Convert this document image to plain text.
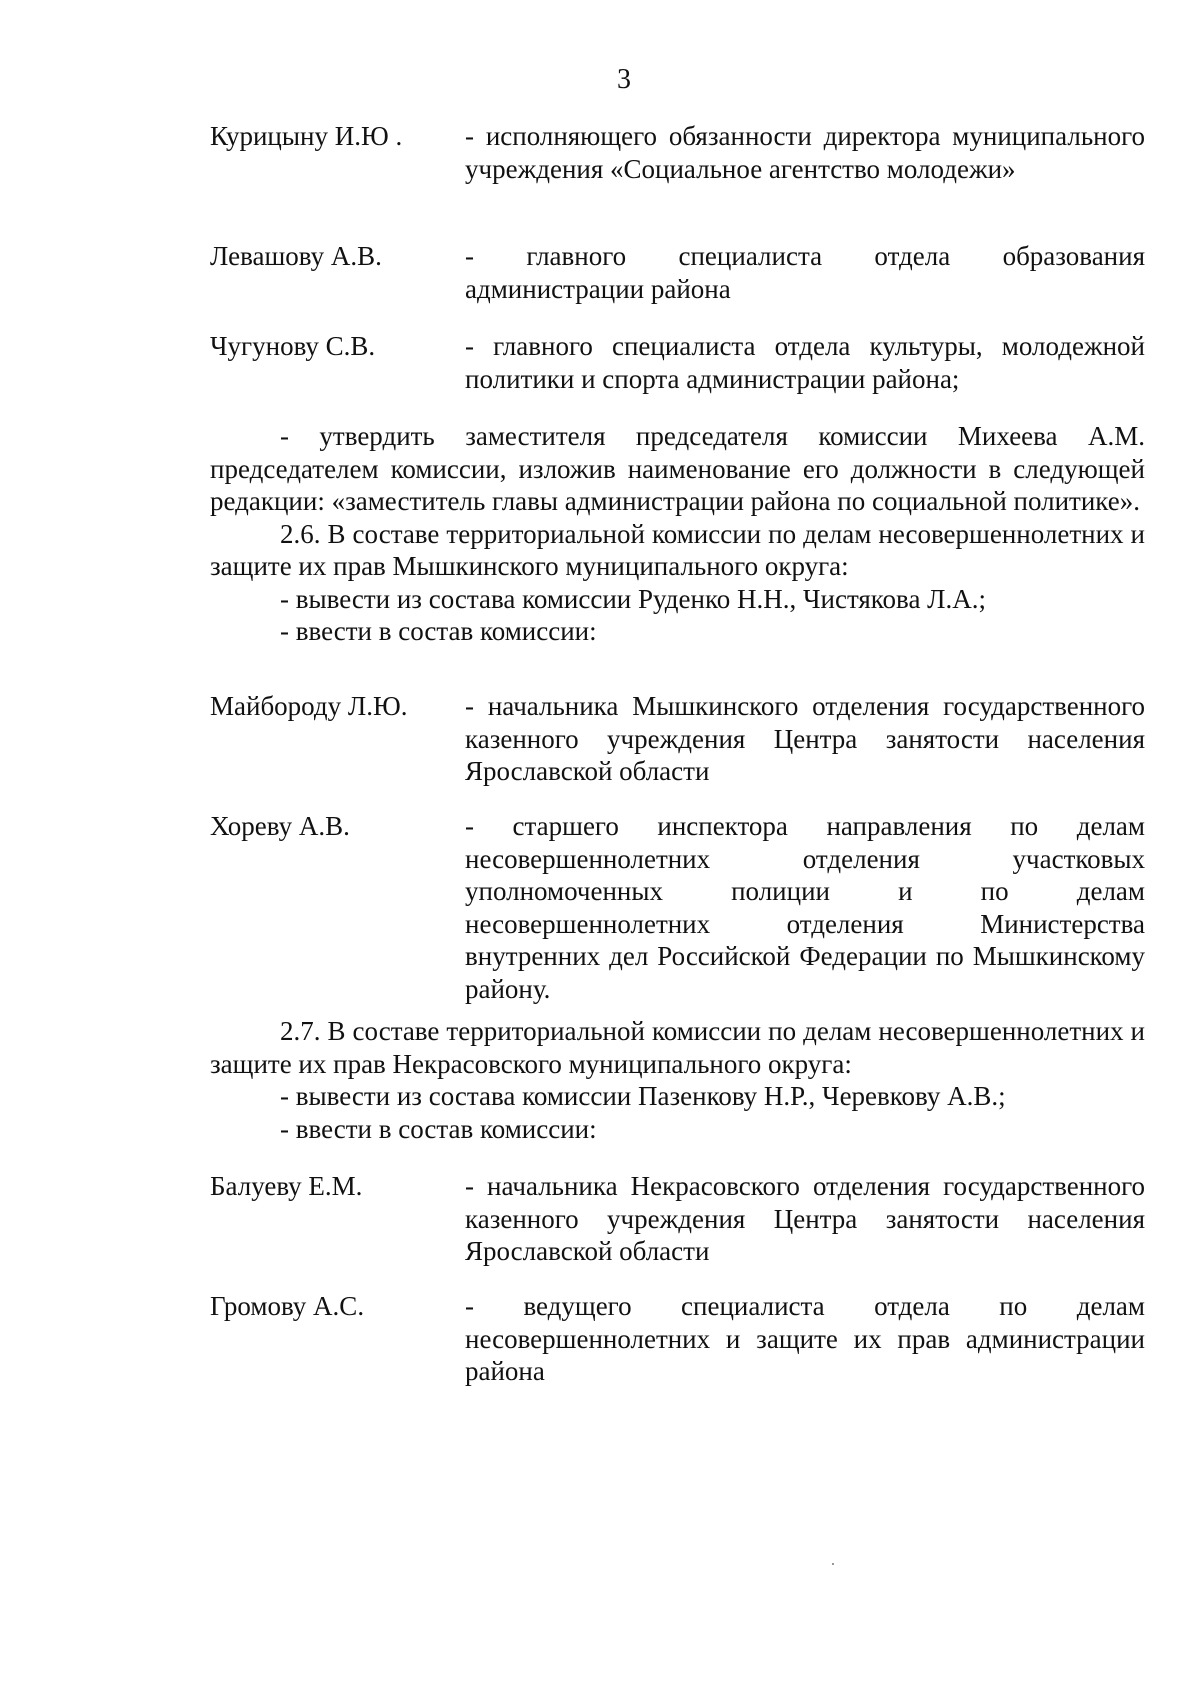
3
Курицыну И.Ю . - исполняющего обязанности директора муниципального учреждения «Социальное агентство молодежи»
Левашову А.В.	- главного специалиста отдела образования администрации района
Чугунову С.В.	- главного специалиста отдела культуры, молодежной политики и спорта администрации района;
- утвердить заместителя председателя комиссии Михеева А.М. председателем комиссии, изложив наименование его должности в следующей редакции: «заместитель главы администрации района по социальной политике».
2.6. В составе территориальной комиссии по делам несовершеннолетних и защите их прав Мышкинского муниципального округа:
- вывести из состава комиссии Руденко Н.Н., Чистякова Л.А.;
- ввести в состав комиссии:
Майбороду Л.Ю. - начальника Мышкинского отделения государственного казенного учреждения Центра занятости населения Ярославской области
Хореву А.В.	- старшего инспектора направления по делам несовершеннолетних отделения участковых уполномоченных полиции и по делам несовершеннолетних отделения Министерства внутренних дел Российской Федерации по Мышкинскому району.
2.7. В составе территориальной комиссии по делам несовершеннолетних и защите их прав Некрасовского муниципального округа:
- вывести из состава комиссии Пазенкову Н.Р., Черевкову А.В.;
- ввести в состав комиссии:
Балуеву Е.М.	- начальника Некрасовского отделения государственного казенного учреждения Центра занятости населения Ярославской области
Громову А.С.	- ведущего специалиста отдела по делам несовершеннолетних и защите их прав администрации района
